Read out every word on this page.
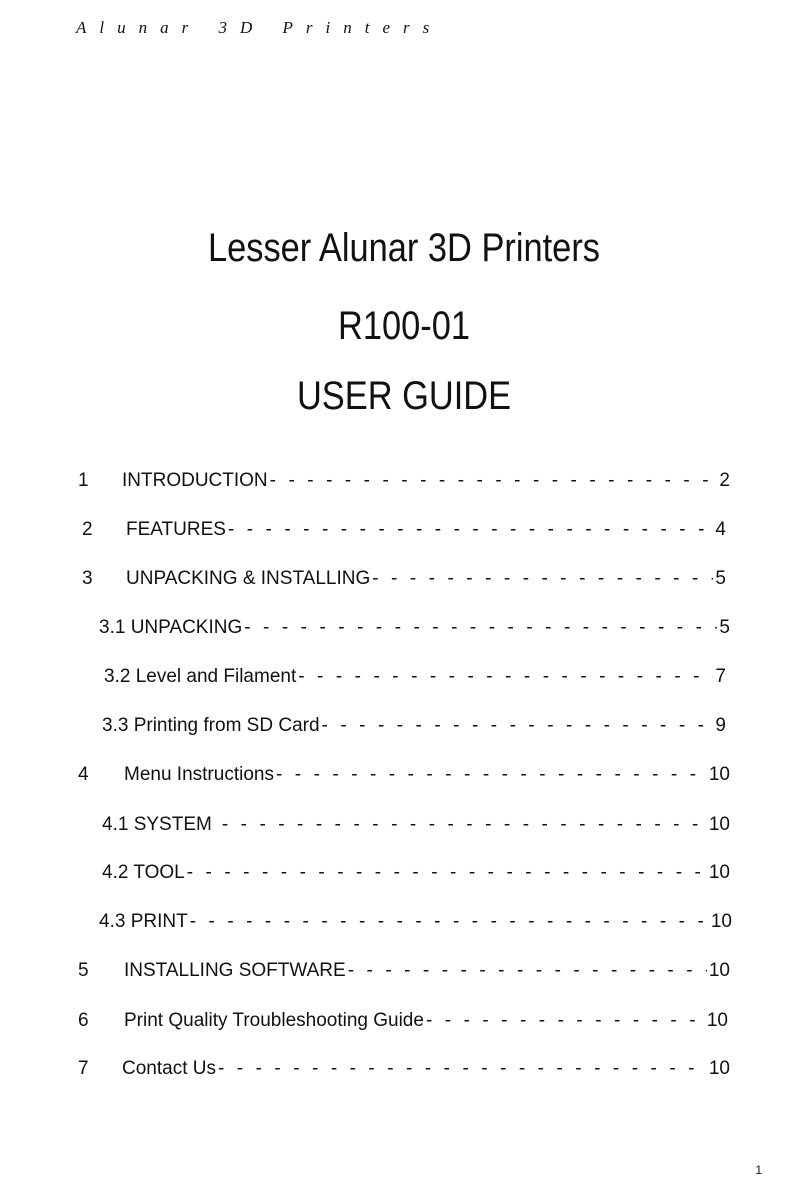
Alunar 3D Printers
Lesser Alunar 3D Printers
R100-01
USER GUIDE
1	INTRODUCTION - - -	2
2	FEATURES - - -	4
3	UNPACKING & INSTALLING - - -	5
3.1 UNPACKING - - -	5
3.2 Level and Filament - - -	7
3.3 Printing from SD Card - - -	9
4	Menu Instructions - - -	10
4.1 SYSTEM - - -	10
4.2 TOOL - - -	10
4.3 PRINT - - -	10
5	INSTALLING SOFTWARE - - -	10
6	Print Quality Troubleshooting Guide - - -	10
7	Contact Us - - -	10
1
